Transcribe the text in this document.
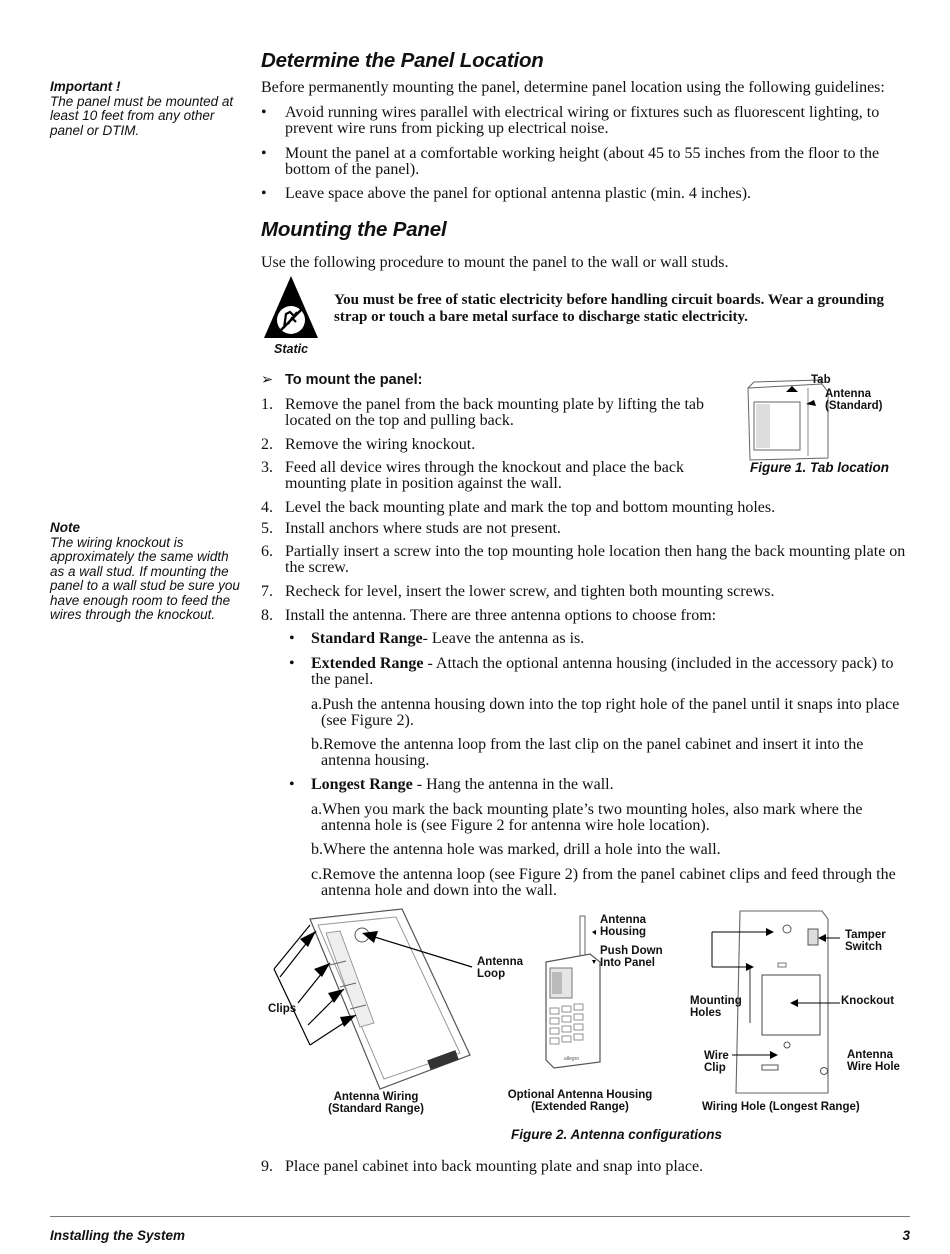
Important !
The panel must be mounted at least 10 feet from any other panel or DTIM.
Note
The wiring knockout is approximately the same width as a wall stud. If mounting the panel to a wall stud be sure you have enough room to feed the wires through the knockout.
Determine the Panel Location
Before permanently mounting the panel, determine panel location using the following guidelines:
• Avoid running wires parallel with electrical wiring or fixtures such as fluorescent lighting, to prevent wire runs from picking up electrical noise.
• Mount the panel at a comfortable working height (about 45 to 55 inches from the floor to the bottom of the panel).
• Leave space above the panel for optional antenna plastic (min. 4 inches).
Mounting the Panel
Use the following procedure to mount the panel to the wall or wall studs.
Static
You must be free of static electricity before handling circuit boards. Wear a grounding strap or touch a bare metal surface to discharge static electricity.
➢ To mount the panel:
1. Remove the panel from the back mounting plate by lifting the tab located on the top and pulling back.
2. Remove the wiring knockout.
3. Feed all device wires through the knockout and place the back mounting plate in position against the wall.
4. Level the back mounting plate and mark the top and bottom mounting holes.
5. Install anchors where studs are not present.
6. Partially insert a screw into the top mounting hole location then hang the back mounting plate on the screw.
7. Recheck for level, insert the lower screw, and tighten both mounting screws.
8. Install the antenna. There are three antenna options to choose from:
• Standard Range- Leave the antenna as is.
• Extended Range - Attach the optional antenna housing (included in the accessory pack) to the panel.
a.Push the antenna housing down into the top right hole of the panel until it snaps into place (see Figure 2).
b.Remove the antenna loop from the last clip on the panel cabinet and insert it into the antenna housing.
• Longest Range - Hang the antenna in the wall.
a.When you mark the back mounting plate’s two mounting holes, also mark where the antenna hole is (see Figure 2 for antenna wire hole location).
b.Where the antenna hole was marked, drill a hole into the wall.
c.Remove the antenna loop (see Figure 2) from the panel cabinet clips and feed through the antenna hole and down into the wall.
Tab
Antenna
(Standard)
Figure 1. Tab location
Clips
Antenna
Loop
Antenna Wiring
(Standard Range)
allegro
Antenna
Housing
Push Down
Into Panel
Optional Antenna Housing
(Extended Range)
Tamper
Switch
Knockout
Mounting
Holes
Wire
Clip
Antenna
Wire Hole
Wiring Hole (Longest Range)
Figure 2. Antenna configurations
9. Place panel cabinet into back mounting plate and snap into place.
Installing the System	3
